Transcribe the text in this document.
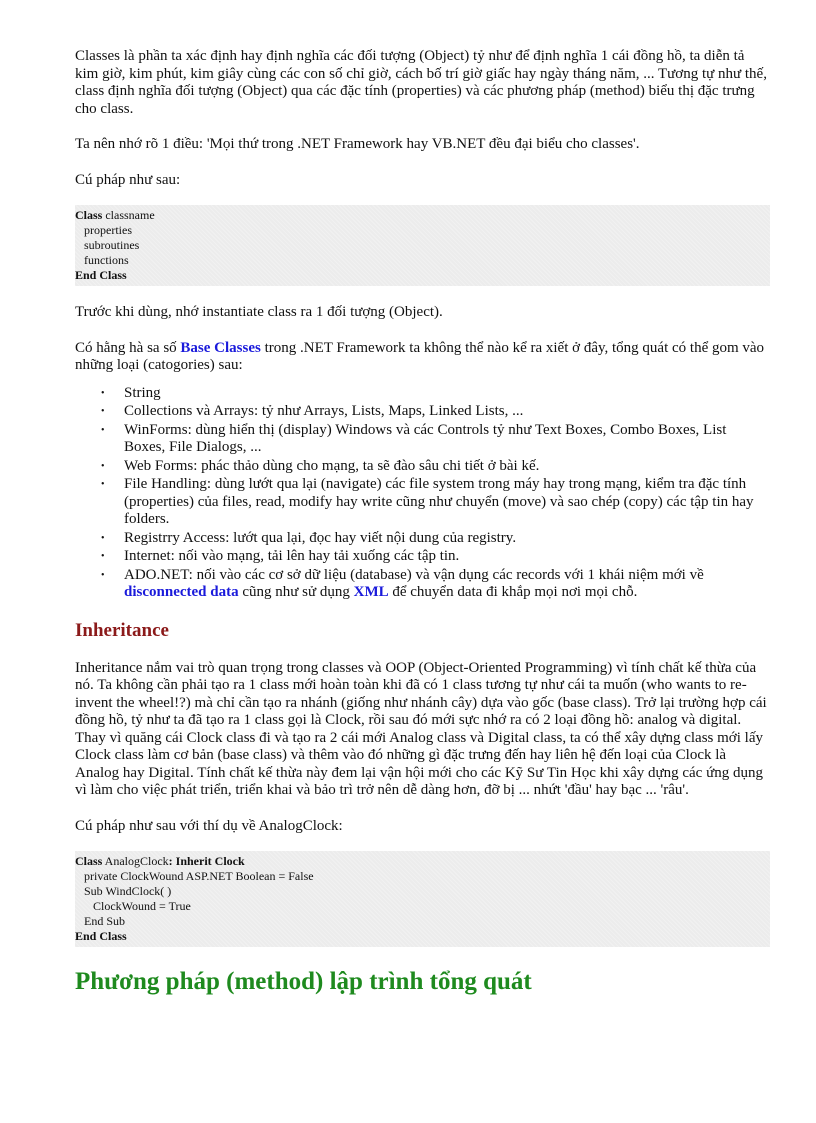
Classes là phần ta xác định hay định nghĩa các đối tượng (Object) tỷ như để định nghĩa 1 cái đồng hồ, ta diễn tả kim giờ, kim phút, kim giây cùng các con số chỉ giờ, cách bố trí giờ giấc hay ngày tháng năm, ... Tương tự như thế, class định nghĩa đối tượng (Object) qua các đặc tính (properties) và các phương pháp (method) biểu thị đặc trưng cho class.

Ta nên nhớ rõ 1 điều: 'Mọi thứ trong .NET Framework hay VB.NET đều đại biểu cho classes'.

Cú pháp như sau:

Class classname
properties
subroutines
functions
End Class

Trước khi dùng, nhớ instantiate class ra 1 đối tượng (Object).

Có hằng hà sa số Base Classes trong .NET Framework ta không thể nào kể ra xiết ở đây, tổng quát có thể gom vào những loại (catogories) sau:

• String
• Collections và Arrays: tỷ như Arrays, Lists, Maps, Linked Lists, ...
• WinForms: dùng hiển thị (display) Windows và các Controls tỷ như Text Boxes, Combo Boxes, List Boxes, File Dialogs, ...
• Web Forms: phác thảo dùng cho mạng, ta sẽ đào sâu chi tiết ở bài kế.
• File Handling: dùng lướt qua lại (navigate) các file system trong máy hay trong mạng, kiểm tra đặc tính (properties) của files, read, modify hay write cũng như chuyển (move) và sao chép (copy) các tập tin hay folders.
• Registrry Access: lướt qua lại, đọc hay viết nội dung của registry.
• Internet: nối vào mạng, tải lên hay tải xuống các tập tin.
• ADO.NET: nối vào các cơ sở dữ liệu (database) và vận dụng các records với 1 khái niệm mới về disconnected data cũng như sử dụng XML để chuyển data đi khắp mọi nơi mọi chỗ.
Inheritance

Inheritance nắm vai trò quan trọng trong classes và OOP (Object-Oriented Programming) vì tính chất kế thừa của nó. Ta không cần phải tạo ra 1 class mới hoàn toàn khi đã có 1 class tương tự như cái ta muốn (who wants to re-invent the wheel!?) mà chỉ cần tạo ra nhánh (giống như nhánh cây) dựa vào gốc (base class). Trở lại trường hợp cái đồng hồ, tỷ như ta đã tạo ra 1 class gọi là Clock, rồi sau đó mới sực nhớ ra có 2 loại đồng hồ: analog và digital. Thay vì quăng cái Clock class đi và tạo ra 2 cái mới Analog class và Digital class, ta có thể xây dựng class mới lấy Clock class làm cơ bản (base class) và thêm vào đó những gì đặc trưng đến hay liên hệ đến loại của Clock là Analog hay Digital. Tính chất kế thừa này đem lại vận hội mới cho các Kỹ Sư Tin Học khi xây dựng các ứng dụng vì làm cho việc phát triển, triển khai và bảo trì trở nên dễ dàng hơn, đỡ bị ... nhứt 'đầu' hay bạc ... 'râu'.

Cú pháp như sau với thí dụ về AnalogClock:

Class AnalogClock: Inherit Clock
private ClockWound ASP.NET Boolean = False
Sub WindClock( )
ClockWound = True
End Sub
End Class
Phương pháp (method) lập trình tổng quát
